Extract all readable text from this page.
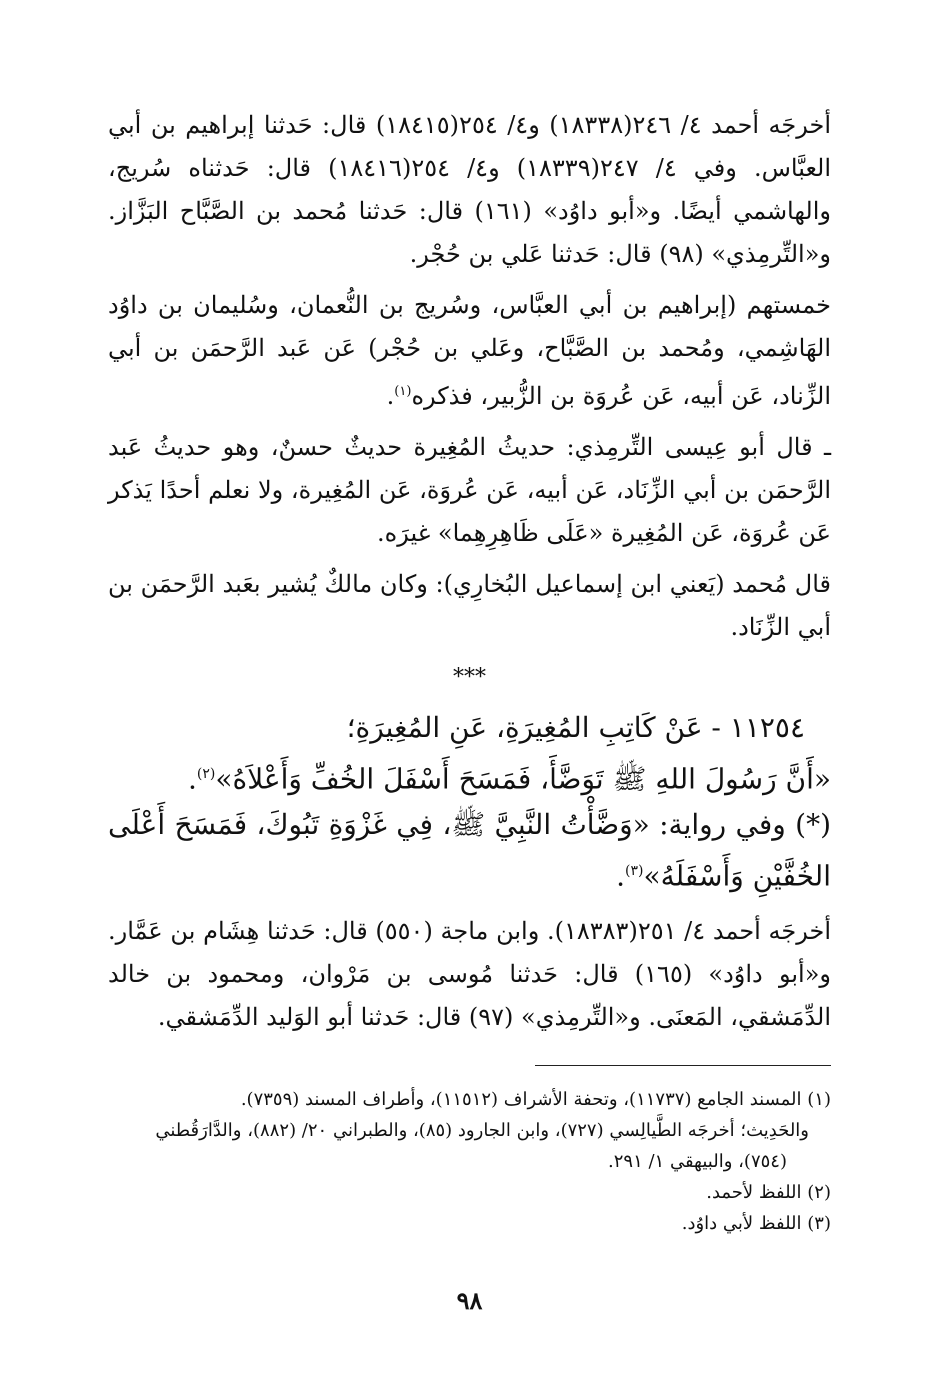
أخرجَه أحمد ٤/ ٢٤٦(١٨٣٣٨) و٤/ ٢٥٤(١٨٤١٥) قال: حَدثنا إبراهيم بن أبي العبَّاس. وفي ٤/ ٢٤٧(١٨٣٣٩) و٤/ ٢٥٤(١٨٤١٦) قال: حَدثناه سُريج، والهاشمي أيضًا. و«أبو داوُد» (١٦١) قال: حَدثنا مُحمد بن الصَّبَّاح البَزَّاز. و«التِّرمِذي» (٩٨) قال: حَدثنا عَلي بن حُجْر.

خمستهم (إبراهيم بن أبي العبَّاس، وسُريج بن النُّعمان، وسُليمان بن داوُد الهَاشِمي، ومُحمد بن الصَّبَّاح، وعَلي بن حُجْر) عَن عَبد الرَّحمَن بن أبي الزِّناد، عَن أبيه، عَن عُروَة بن الزُّبير، فذكره$^{(١)}$.

ـ قال أبو عِيسى التِّرمِذي: حديثُ المُغِيرة حديثٌ حسنٌ، وهو حديثُ عَبد الرَّحمَن بن أبي الزِّنَاد، عَن أبيه، عَن عُروَة، عَن المُغِيرة، ولا نعلم أحدًا يَذكر عَن عُروَة، عَن المُغِيرة «عَلَى ظَاهِرِهِما» غيرَه.

قال مُحمد (يَعني ابن إسماعيل البُخارِي): وكان مالكٌ يُشير بعَبد الرَّحمَن بن أبي الزِّنَاد.

***

١١٢٥٤ - عَنْ كَاتِبِ المُغِيرَةِ، عَنِ المُغِيرَةِ؛

«أَنَّ رَسُولَ اللهِ ﷺ تَوَضَّأَ، فَمَسَحَ أَسْفَلَ الخُفِّ وَأَعْلاَهُ»$^{(٢)}$.

(*) وفي رواية: «وَضَّأْتُ النَّبِيَّ ﷺ، فِي غَزْوَةِ تَبُوكَ، فَمَسَحَ أَعْلَى الخُفَّيْنِ وَأَسْفَلَهُ»$^{(٣)}$.

أخرجَه أحمد ٤/ ٢٥١(١٨٣٨٣). وابن ماجة (٥٥٠) قال: حَدثنا هِشَام بن عَمَّار. و«أبو داوُد» (١٦٥) قال: حَدثنا مُوسى بن مَرْوان، ومحمود بن خالد الدِّمَشقي، المَعنَى. و«التِّرمِذي» (٩٧) قال: حَدثنا أبو الوَليد الدِّمَشقي.

(١) المسند الجامع (١١٧٣٧)، وتحفة الأشراف (١١٥١٢)، وأطراف المسند (٧٣٥٩).

والحَدِيث؛ أخرجَه الطَّيالِسي (٧٢٧)، وابن الجارود (٨٥)، والطبراني ٢٠/ (٨٨٢)، والدَّارَقُطني

(٧٥٤)، والبيهقي ١/ ٢٩١.

(٢) اللفظ لأحمد.

(٣) اللفظ لأبي داوُد.

٩٨
